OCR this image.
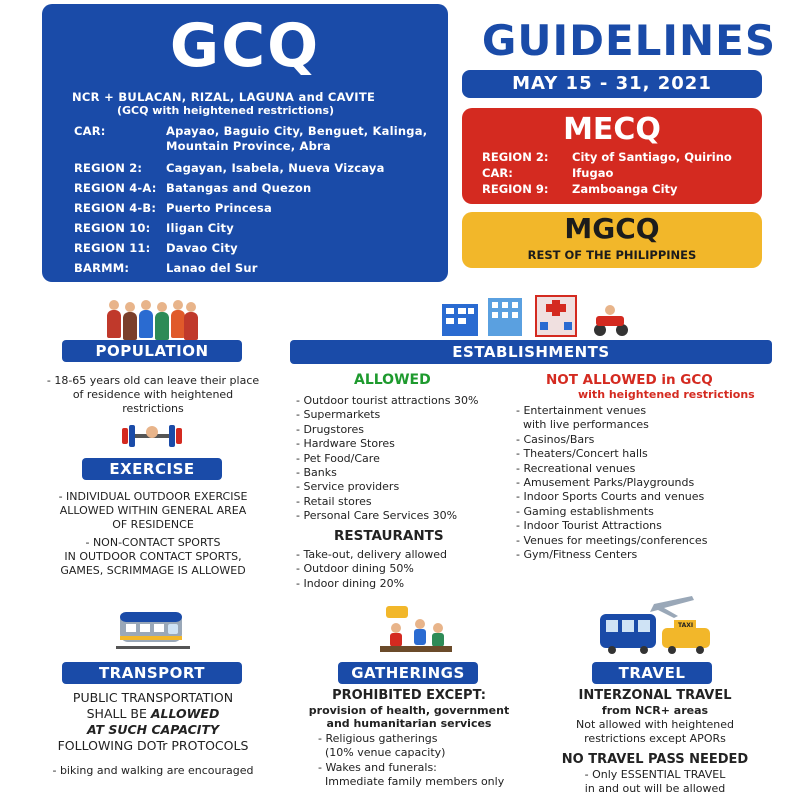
GCQ
NCR + BULACAN, RIZAL, LAGUNA and CAVITE
(GCQ with heightened restrictions)
CAR:	Apayao, Baguio City, Benguet, Kalinga, Mountain Province, Abra
REGION 2: Cagayan, Isabela, Nueva Vizcaya
REGION 4-A: Batangas and Quezon
REGION 4-B: Puerto Princesa
REGION 10: Iligan City
REGION 11: Davao City
BARMM:	Lanao del Sur
GUIDELINES
MAY 15 - 31, 2021
MECQ
REGION 2: City of Santiago, Quirino
CAR:	Ifugao
REGION 9: Zamboanga City
MGCQ
REST OF THE PHILIPPINES
POPULATION
- 18-65 years old can leave their place
of residence with heightened
restrictions
EXERCISE
- INDIVIDUAL OUTDOOR EXERCISE
ALLOWED WITHIN GENERAL AREA
OF RESIDENCE
- NON-CONTACT SPORTS
IN OUTDOOR CONTACT SPORTS,
GAMES, SCRIMMAGE IS ALLOWED
ESTABLISHMENTS
ALLOWED
- Outdoor tourist attractions 30%
- Supermarkets
- Drugstores
- Hardware Stores
- Pet Food/Care
- Banks
- Service providers
- Retail stores
- Personal Care Services 30%
RESTAURANTS
- Take-out, delivery allowed
- Outdoor dining 50%
- Indoor dining 20%
NOT ALLOWED in GCQ
with heightened restrictions
- Entertainment venues
with live performances
- Casinos/Bars
- Theaters/Concert halls
- Recreational venues
- Amusement Parks/Playgrounds
- Indoor Sports Courts and venues
- Gaming establishments
- Indoor Tourist Attractions
- Venues for meetings/conferences
- Gym/Fitness Centers
TRANSPORT
PUBLIC TRANSPORTATION
SHALL BE ALLOWED
AT SUCH CAPACITY
FOLLOWING DOTr PROTOCOLS
- biking and walking are encouraged
GATHERINGS
PROHIBITED EXCEPT:
provision of health, government
and humanitarian services
- Religious gatherings
(10% venue capacity)
- Wakes and funerals:
Immediate family members only
TAXI
TRAVEL
INTERZONAL TRAVEL
from NCR+ areas
Not allowed with heightened
restrictions except APORs
NO TRAVEL PASS NEEDED
- Only ESSENTIAL TRAVEL
in and out will be allowed
